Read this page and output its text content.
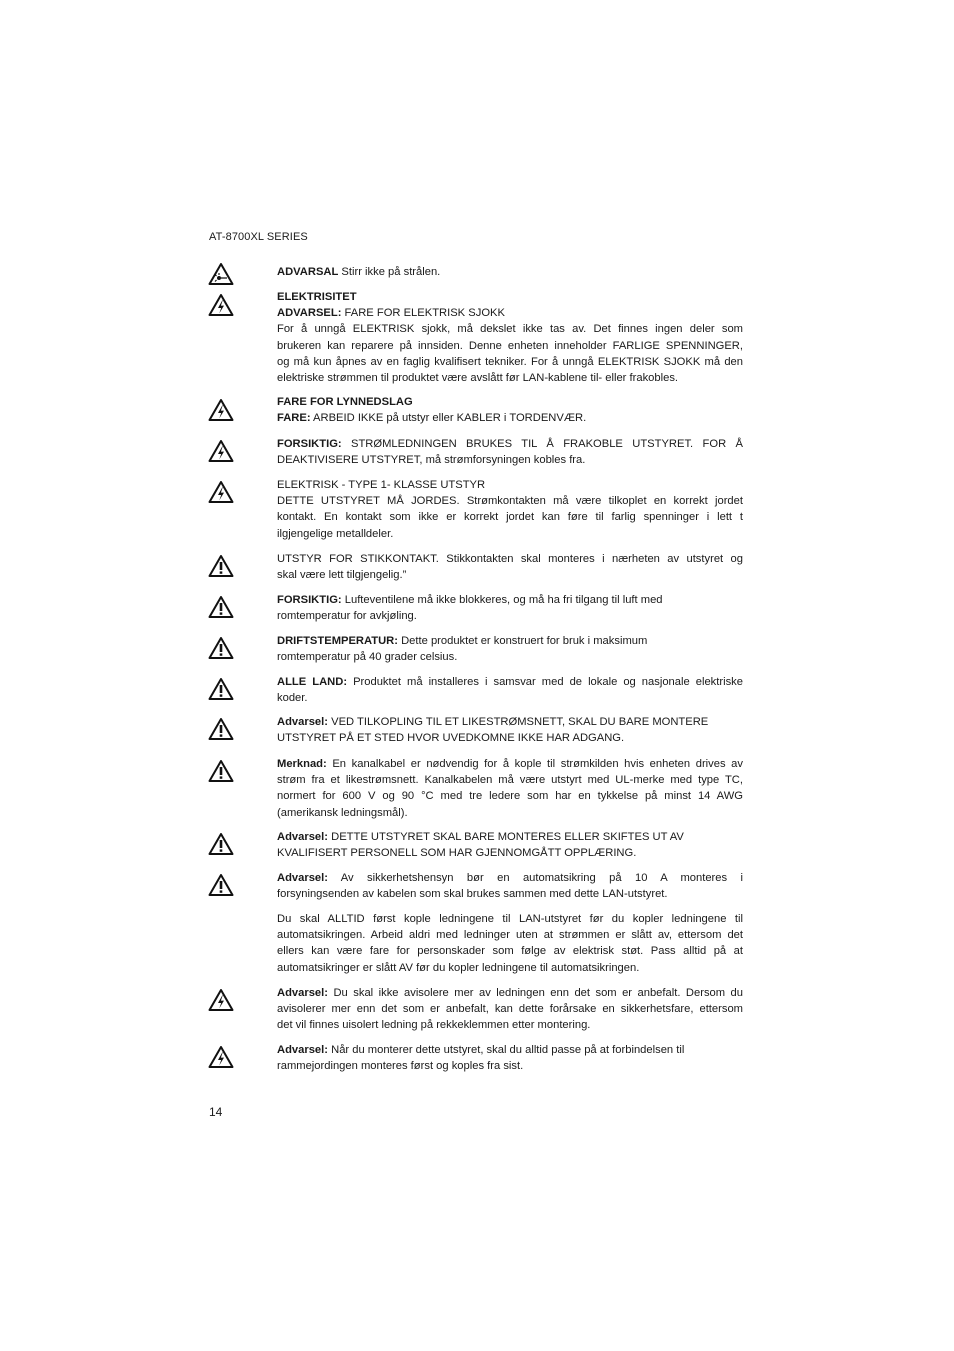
AT-8700XL SERIES
ADVARSAL Stirr ikke på strålen.
ELEKTRISITET
ADVARSEL: FARE FOR ELEKTRISK SJOKK
For å unngå ELEKTRISK sjokk, må dekslet ikke tas av. Det finnes ingen deler som
brukeren kan reparere på innsiden. Denne enheten inneholder FARLIGE SPENNINGER,
og må kun åpnes av en faglig kvalifisert tekniker. For å unngå ELEKTRISK SJOKK må den
elektriske strømmen til produktet være avslått før LAN-kablene til- eller frakobles.
FARE FOR LYNNEDSLAG
FARE: ARBEID IKKE på utstyr eller KABLER i TORDENVÆR.
FORSIKTIG: STRØMLEDNINGEN BRUKES TIL Å FRAKOBLE UTSTYRET. FOR Å
DEAKTIVISERE UTSTYRET, må strømforsyningen kobles fra.
ELEKTRISK - TYPE 1- KLASSE UTSTYR
DETTE UTSTYRET MÅ JORDES. Strømkontakten må være tilkoplet en korrekt jordet
kontakt. En kontakt som ikke er korrekt jordet kan føre til farlig spenninger i lett t
ilgjengelige metalldeler.
UTSTYR FOR STIKKONTAKT. Stikkontakten skal monteres i nærheten av utstyret og
skal være lett tilgjengelig.”
FORSIKTIG: Lufteventilene må ikke blokkeres, og må ha fri tilgang til luft med
romtemperatur for avkjøling.
DRIFTSTEMPERATUR: Dette produktet er konstruert for bruk i maksimum
romtemperatur på 40 grader celsius.
ALLE LAND: Produktet må installeres i samsvar med de lokale og nasjonale elektriske
koder.
Advarsel: VED TILKOPLING TIL ET LIKESTRØMSNETT, SKAL DU BARE MONTERE
UTSTYRET PÅ ET STED HVOR UVEDKOMNE IKKE HAR ADGANG.
Merknad: En kanalkabel er nødvendig for å kople til strømkilden hvis enheten drives av
strøm fra et likestrømsnett. Kanalkabelen må være utstyrt med UL-merke med type TC,
normert for 600 V og 90 °C med tre ledere som har en tykkelse på minst 14 AWG
(amerikansk ledningsmål).
Advarsel: DETTE UTSTYRET SKAL BARE MONTERES ELLER SKIFTES UT AV
KVALIFISERT PERSONELL SOM HAR GJENNOMGÅTT OPPLÆRING.
Advarsel: Av sikkerhetshensyn bør en automatsikring på 10 A monteres i
forsyningsenden av kabelen som skal brukes sammen med dette LAN-utstyret.
Du skal ALLTID først kople ledningene til LAN-utstyret før du kopler ledningene til
automatsikringen. Arbeid aldri med ledninger uten at strømmen er slått av, ettersom det
ellers kan være fare for personskader som følge av elektrisk støt. Pass alltid på at
automatsikringer er slått AV før du kopler ledningene til automatsikringen.
Advarsel: Du skal ikke avisolere mer av ledningen enn det som er anbefalt. Dersom du
avisolerer mer enn det som er anbefalt, kan dette forårsake en sikkerhetsfare, ettersom
det vil finnes uisolert ledning på rekkeklemmen etter montering.
Advarsel: Når du monterer dette utstyret, skal du alltid passe på at forbindelsen til
rammejordingen monteres først og koples fra sist.
14
